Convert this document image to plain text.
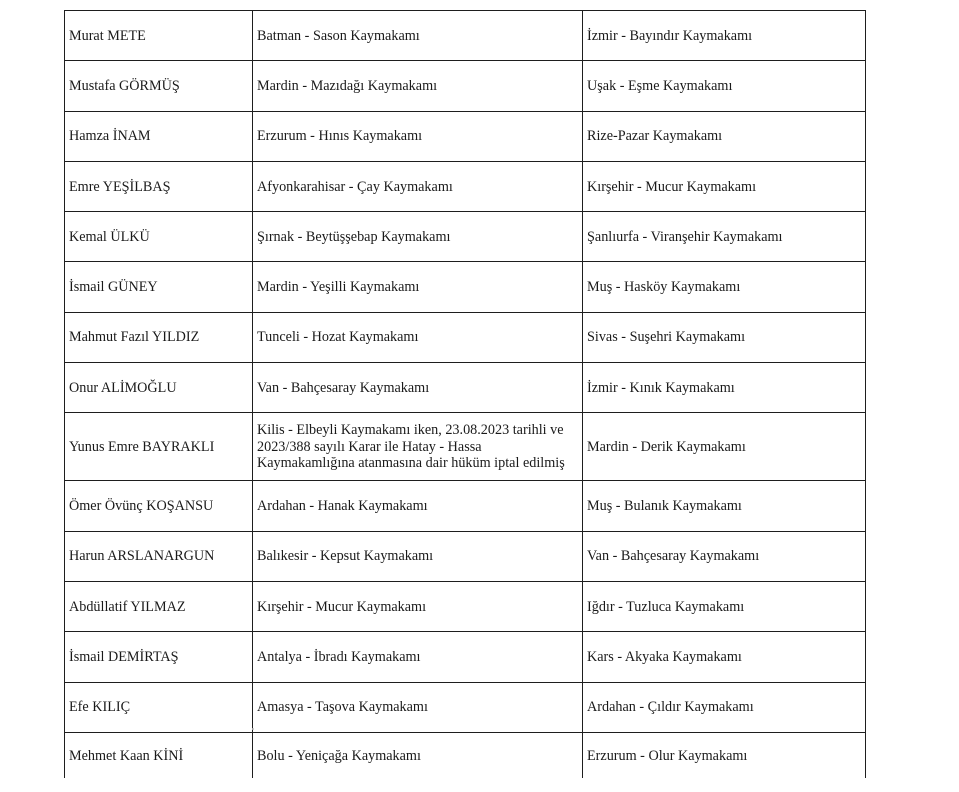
Murat METE	Batman - Sason Kaymakamı	İzmir - Bayındır Kaymakamı
Mustafa GÖRMÜŞ	Mardin - Mazıdağı Kaymakamı	Uşak - Eşme Kaymakamı
Hamza İNAM	Erzurum - Hınıs Kaymakamı	Rize-Pazar Kaymakamı
Emre YEŞİLBAŞ	Afyonkarahisar - Çay Kaymakamı	Kırşehir - Mucur Kaymakamı
Kemal ÜLKÜ	Şırnak - Beytüşşebap Kaymakamı	Şanlıurfa - Viranşehir Kaymakamı
İsmail GÜNEY	Mardin - Yeşilli Kaymakamı	Muş - Hasköy Kaymakamı
Mahmut Fazıl YILDIZ	Tunceli - Hozat Kaymakamı	Sivas - Suşehri Kaymakamı
Onur ALİMOĞLU	Van - Bahçesaray Kaymakamı	İzmir - Kınık Kaymakamı
Yunus Emre BAYRAKLI	Kilis - Elbeyli Kaymakamı iken, 23.08.2023 tarihli ve 2023/388 sayılı Karar ile Hatay - Hassa Kaymakamlığına atanmasına dair hüküm iptal edilmiş	Mardin - Derik Kaymakamı
Ömer Övünç KOŞANSU	Ardahan - Hanak Kaymakamı	Muş - Bulanık Kaymakamı
Harun ARSLANARGUN	Balıkesir - Kepsut Kaymakamı	Van - Bahçesaray Kaymakamı
Abdüllatif YILMAZ	Kırşehir - Mucur Kaymakamı	Iğdır - Tuzluca Kaymakamı
İsmail DEMİRTAŞ	Antalya - İbradı Kaymakamı	Kars - Akyaka Kaymakamı
Efe KILIÇ	Amasya - Taşova Kaymakamı	Ardahan - Çıldır Kaymakamı
Mehmet Kaan KİNİ	Bolu - Yeniçağa Kaymakamı	Erzurum - Olur Kaymakamı
